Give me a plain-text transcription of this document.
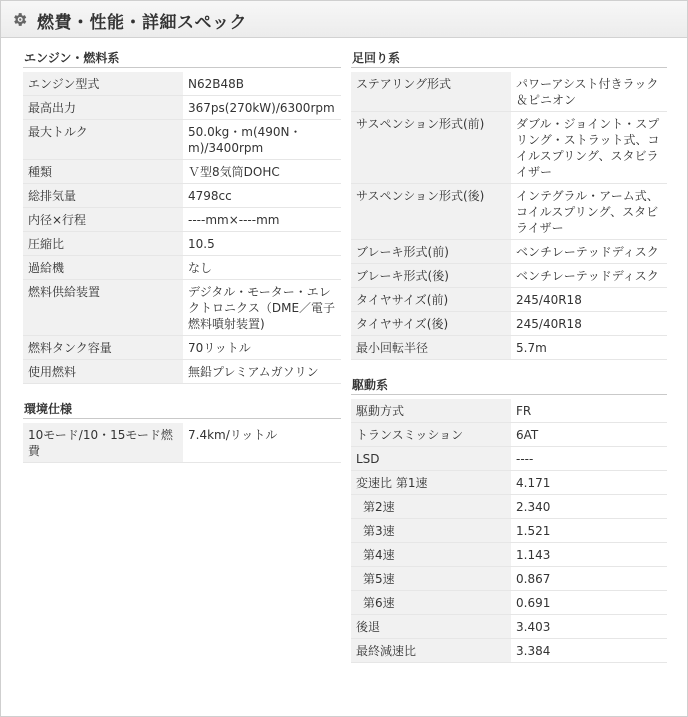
燃費・性能・詳細スペック
エンジン・燃料系
エンジン型式	N62B48B
最高出力	367ps(270kW)/6300rpm
最大トルク	50.0kg・m(490N・m)/3400rpm
種類	Ｖ型8気筒DOHC
総排気量	4798cc
内径×行程	----mm×----mm
圧縮比	10.5
過給機	なし
燃料供給装置	デジタル・モーター・エレクトロニクス（DME／電子燃料噴射装置)
燃料タンク容量	70リットル
使用燃料	無鉛プレミアムガソリン
環境仕様
10モード/10・15モード燃費	7.4km/リットル
足回り系
ステアリング形式	パワーアシスト付きラック＆ピニオン
サスペンション形式(前)	ダブル・ジョイント・スプリング・ストラット式、コイルスプリング、スタビライザー
サスペンション形式(後)	インテグラル・アーム式、コイルスプリング、スタビライザー
ブレーキ形式(前)	ベンチレーテッドディスク
ブレーキ形式(後)	ベンチレーテッドディスク
タイヤサイズ(前)	245/40R18
タイヤサイズ(後)	245/40R18
最小回転半径	5.7m
駆動系
駆動方式	FR
トランスミッション	6AT
LSD	----
変速比 第1速	4.171
第2速	2.340
第3速	1.521
第4速	1.143
第5速	0.867
第6速	0.691
後退	3.403
最終減速比	3.384
